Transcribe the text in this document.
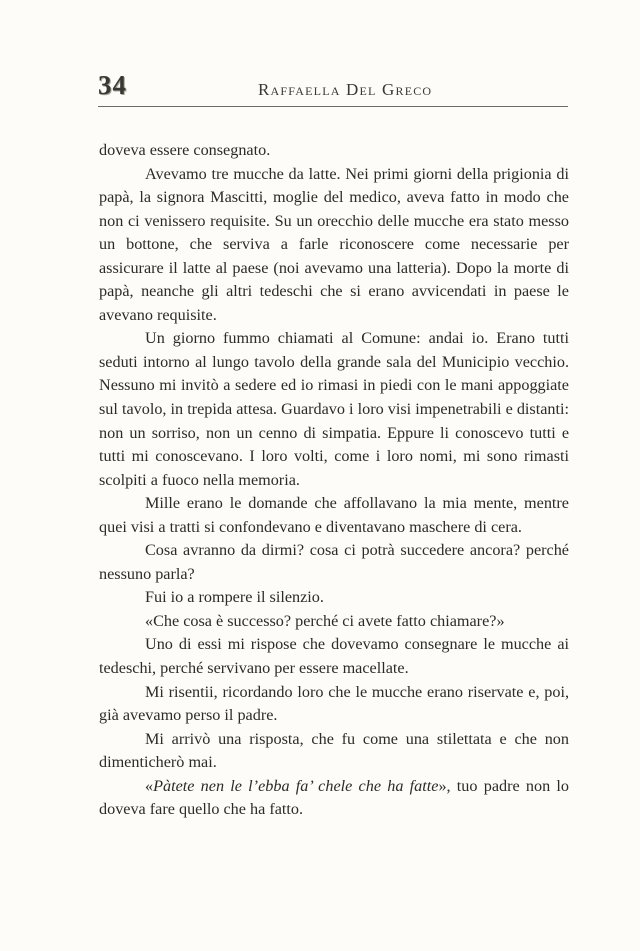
34	Raffaella Del Greco

doveva essere consegnato.

Avevamo tre mucche da latte. Nei primi giorni della prigionia di papà, la signora Mascitti, moglie del medico, aveva fatto in modo che non ci venissero requisite. Su un orecchio delle mucche era stato messo un bottone, che serviva a farle riconoscere come necessarie per assicurare il latte al paese (noi avevamo una latteria). Dopo la morte di papà, neanche gli altri tedeschi che si erano avvicendati in paese le avevano requisite.

Un giorno fummo chiamati al Comune: andai io. Erano tutti seduti intorno al lungo tavolo della grande sala del Municipio vecchio. Nessuno mi invitò a sedere ed io rimasi in piedi con le mani appoggiate sul tavolo, in trepida attesa. Guardavo i loro visi impenetrabili e distanti: non un sorriso, non un cenno di simpatia. Eppure li conoscevo tutti e tutti mi conoscevano. I loro volti, come i loro nomi, mi sono rimasti scolpiti a fuoco nella memoria.

Mille erano le domande che affollavano la mia mente, mentre quei visi a tratti si confondevano e diventavano maschere di cera.

Cosa avranno da dirmi? cosa ci potrà succedere ancora? perché nessuno parla?

Fui io a rompere il silenzio.

«Che cosa è successo? perché ci avete fatto chiamare?»

Uno di essi mi rispose che dovevamo consegnare le mucche ai tedeschi, perché servivano per essere macellate.

Mi risentii, ricordando loro che le mucche erano riservate e, poi, già avevamo perso il padre.

Mi arrivò una risposta, che fu come una stilettata e che non dimenticherò mai.

«Pàtete nen le l’ebba fa’ chele che ha fatte», tuo padre non lo doveva fare quello che ha fatto.
